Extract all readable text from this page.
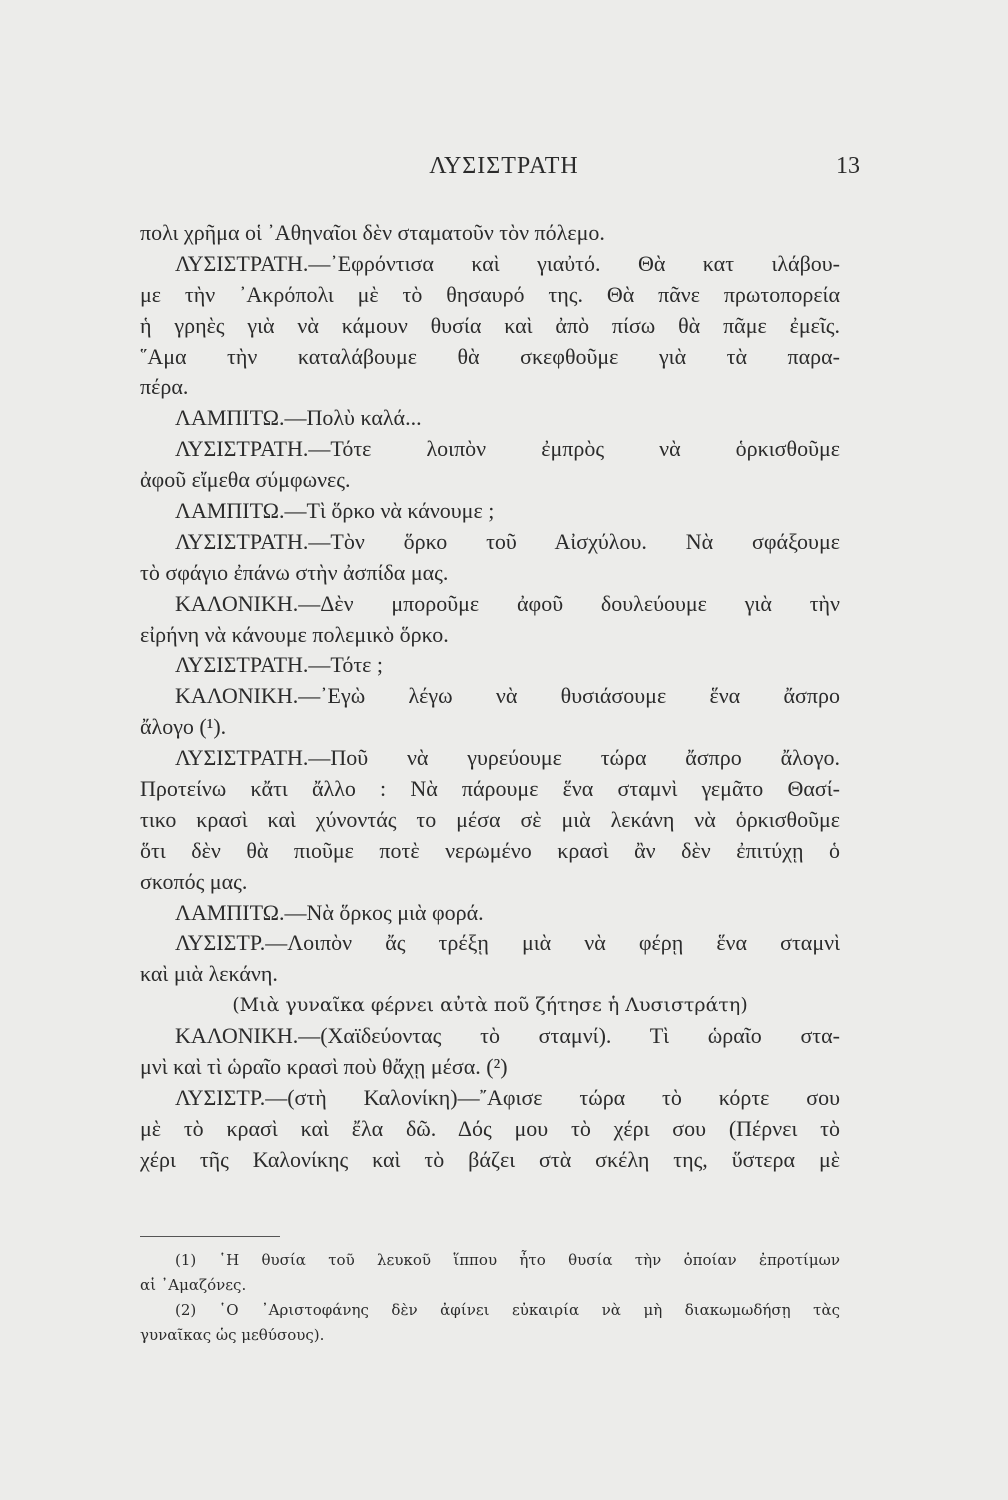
ΛΥΣΙΣΤΡΑΤΗ	13
πολι χρῆμα οἱ ᾿Αθηναῖοι δὲν σταματοῦν τὸν πόλεμο.
ΛΥΣΙΣΤΡΑΤΗ.—᾿Εφρόντισα καὶ γιαὐτό. Θὰ κατ ιλάβου-
με τὴν ᾿Ακρόπολι μὲ τὸ θησαυρό της. Θὰ πᾶνε πρωτοπορεία
ἡ γρηὲς γιὰ νὰ κάμουν θυσία καὶ ἀπὸ πίσω θὰ πᾶμε ἐμεῖς.
῞Αμα τὴν καταλάβουμε θὰ σκεφθοῦμε γιὰ τὰ παρα-
πέρα.
ΛΑΜΠΙΤΩ.—Πολὺ καλά...
ΛΥΣΙΣΤΡΑΤΗ.—Τότε λοιπὸν ἐμπρὸς νὰ ὁρκισθοῦμε
ἀφοῦ εἴμεθα σύμφωνες.
ΛΑΜΠΙΤΩ.—Τὶ ὅρκο νὰ κάνουμε ;
ΛΥΣΙΣΤΡΑΤΗ.—Τὸν ὅρκο τοῦ Αἰσχύλου. Νὰ σφάξουμε
τὸ σφάγιο ἐπάνω στὴν ἀσπίδα μας.
ΚΑΛΟΝΙΚΗ.—Δὲν μποροῦμε ἀφοῦ δουλεύουμε γιὰ τὴν
εἰρήνη νὰ κάνουμε πολεμικὸ ὅρκο.
ΛΥΣΙΣΤΡΑΤΗ.—Τότε ;
ΚΑΛΟΝΙΚΗ.—᾿Εγὼ λέγω νὰ θυσιάσουμε ἕνα ἄσπρο
ἄλογο (¹).
ΛΥΣΙΣΤΡΑΤΗ.—Ποῦ νὰ γυρεύουμε τώρα ἄσπρο ἄλογο.
Προτείνω κἄτι ἄλλο : Νὰ πάρουμε ἕνα σταμνὶ γεμᾶτο Θασί-
τικο κρασὶ καὶ χύνοντάς το μέσα σὲ μιὰ λεκάνη νὰ ὁρκισθοῦμε
ὅτι δὲν θὰ πιοῦμε ποτὲ νερωμένο κρασὶ ἂν δὲν ἐπιτύχῃ ὁ
σκοπός μας.
ΛΑΜΠΙΤΩ.—Νὰ ὅρκος μιὰ φορά.
ΛΥΣΙΣΤΡ.—Λοιπὸν ἄς τρέξῃ μιὰ νὰ φέρῃ ἕνα σταμνὶ
καὶ μιὰ λεκάνη.
(Μιὰ γυναῖκα φέρνει αὐτὰ ποῦ ζήτησε ἡ Λυσιστράτη)
ΚΑΛΟΝΙΚΗ.—(Χαϊδεύοντας τὸ σταμνί). Τὶ ὡραῖο στα-
μνὶ καὶ τὶ ὡραῖο κρασὶ ποὺ θἄχῃ μέσα. (²)
ΛΥΣΙΣΤΡ.—(στὴ Καλονίκη)—῎Αφισε τώρα τὸ κόρτε σου
μὲ τὸ κρασὶ καὶ ἔλα δῶ. Δός μου τὸ χέρι σου (Πέρνει τὸ
χέρι τῆς Καλονίκης καὶ τὸ βάζει στὰ σκέλη της, ὕστερα μὲ
(1) ῾Η θυσία τοῦ λευκοῦ ἵππου ἦτο θυσία τὴν ὁποίαν ἐπροτίμων
αἱ ᾿Αμαζόνες.
(2) ῾Ο ᾿Αριστοφάνης δὲν ἀφίνει εὐκαιρία νὰ μὴ διακωμωδήσῃ τὰς
γυναῖκας ὡς μεθύσους).
